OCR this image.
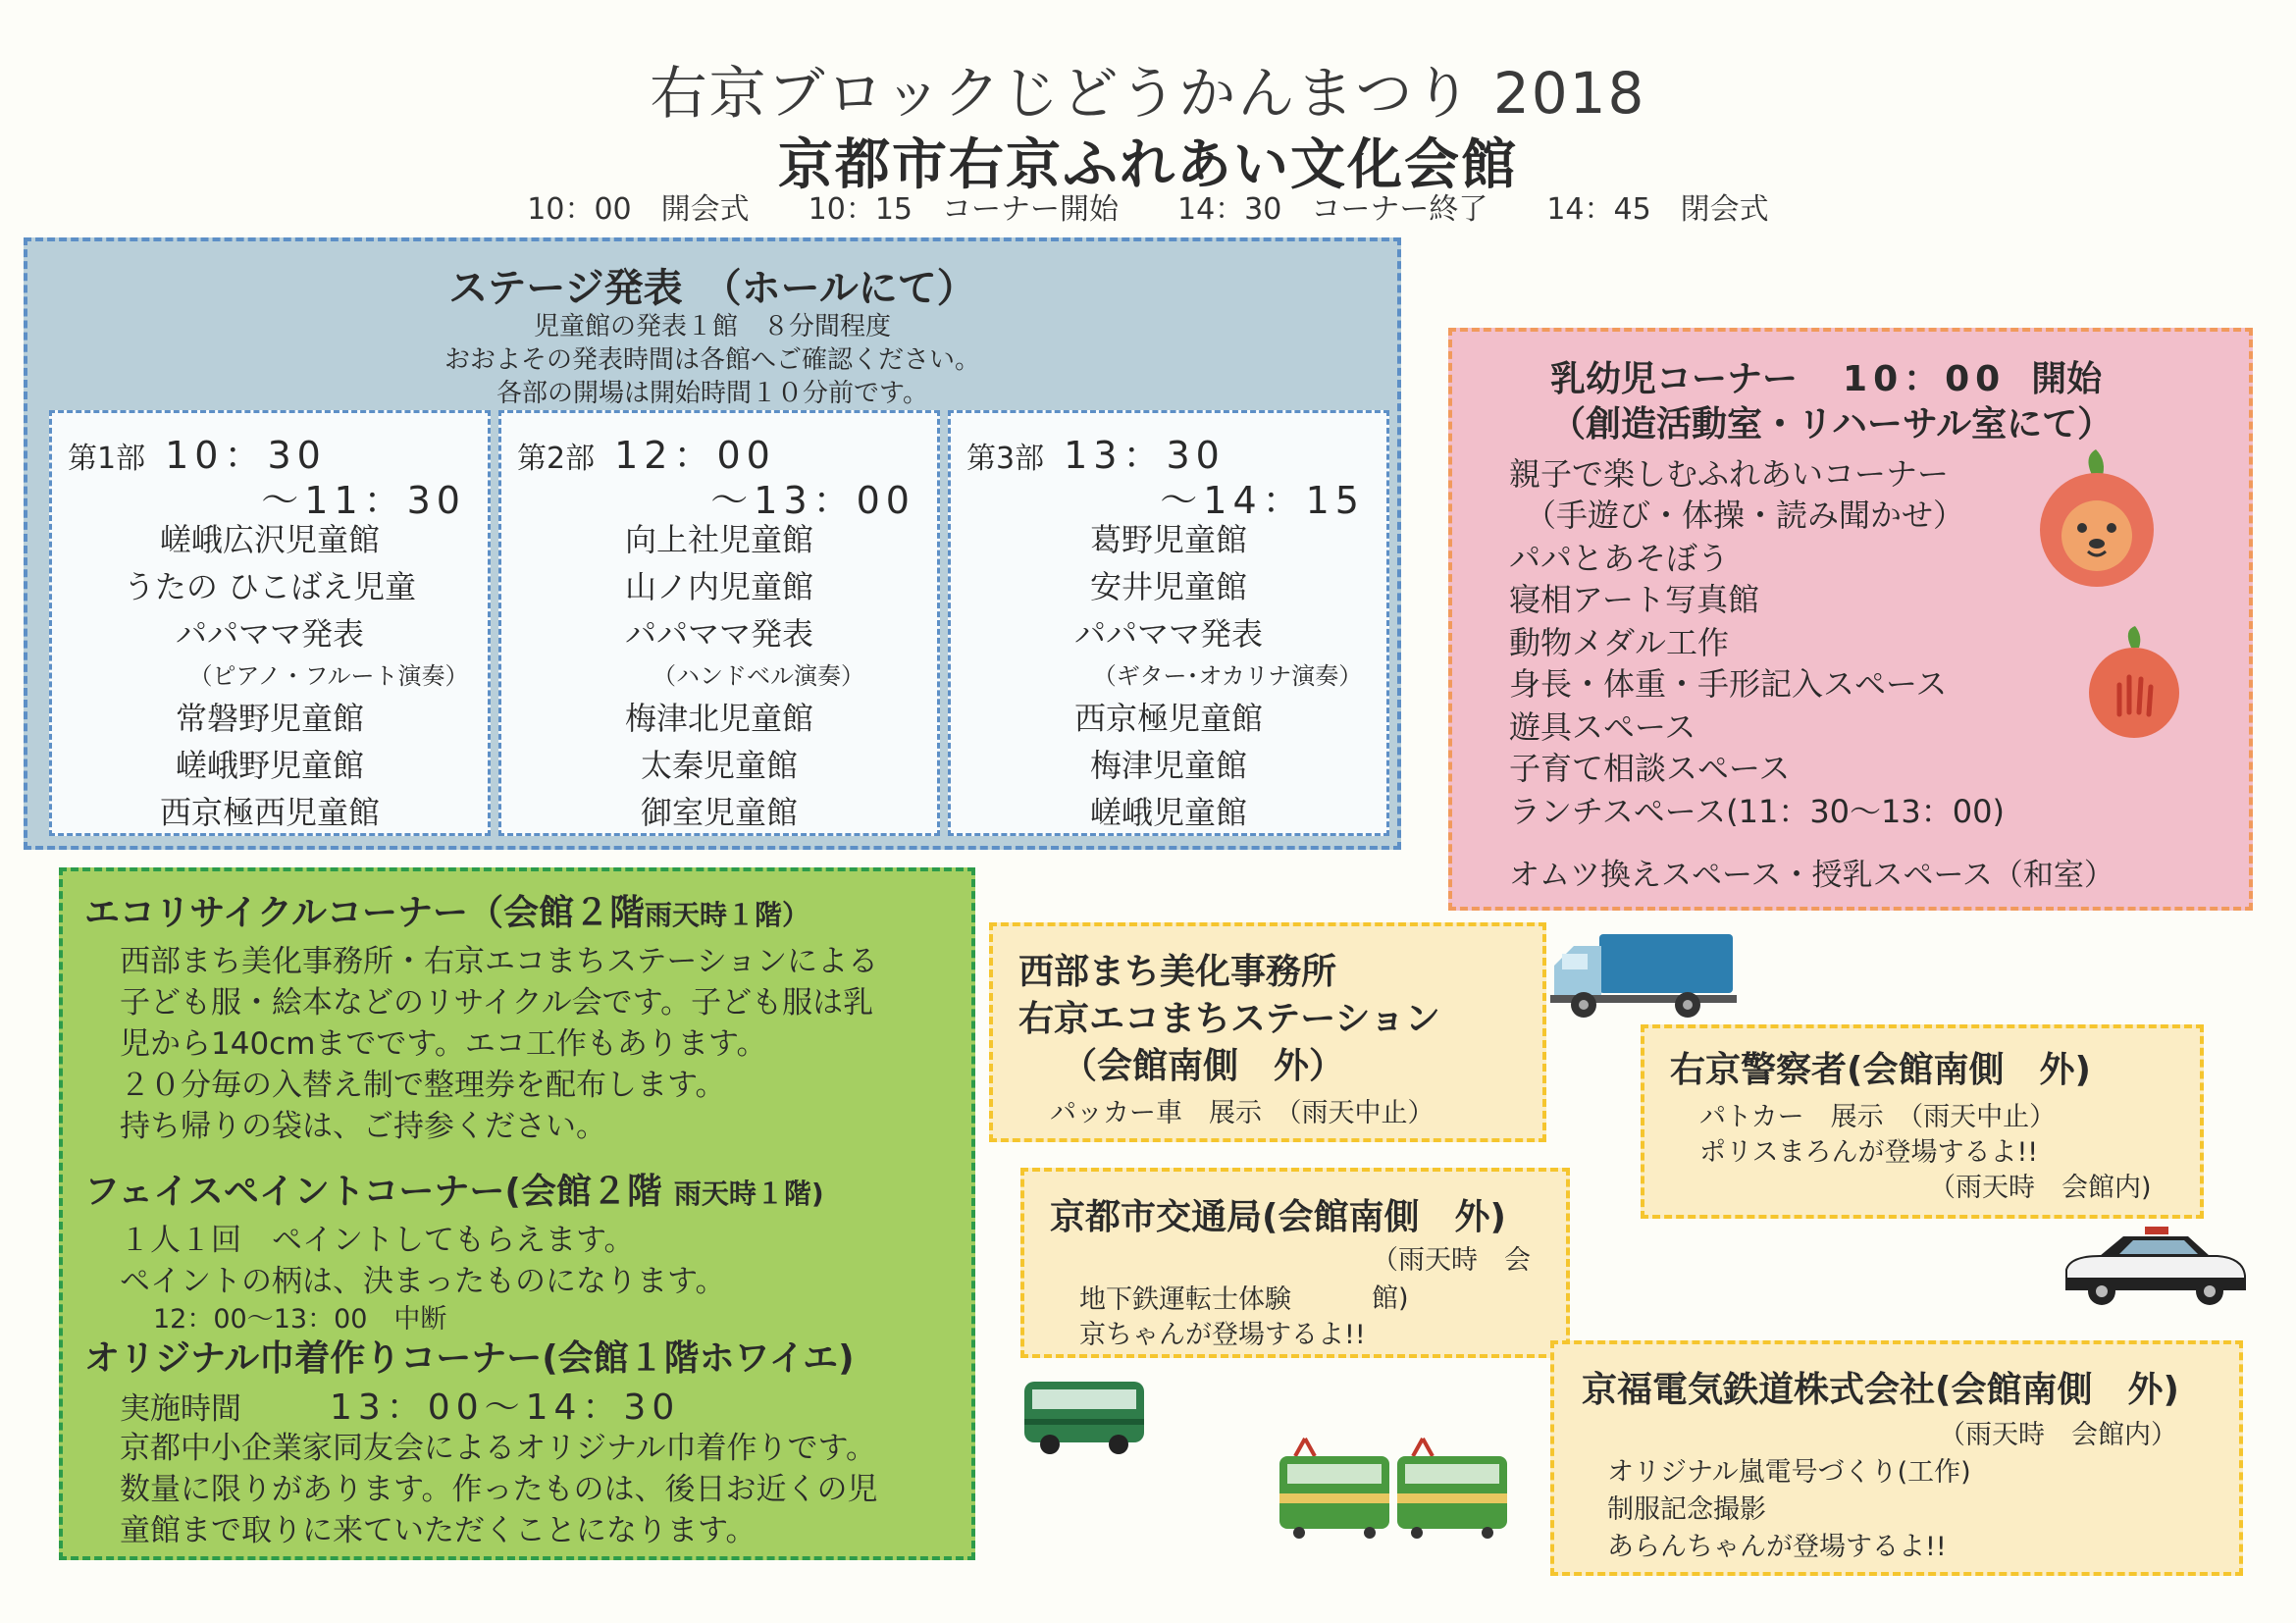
右京ブロックじどうかんまつり 2018
京都市右京ふれあい文化会館
10：00　開会式　　10：15　コーナー開始　　14：30　コーナー終了　　14：45　閉会式
ステージ発表　（ホールにて）
児童館の発表１館　８分間程度
おおよその発表時間は各館へご確認ください。
各部の開場は開始時間１０分前です。
第1部 10：30
～11：30
嵯峨広沢児童館
うたの ひこばえ児童
パパママ発表
（ピアノ・フルート演奏）
常磐野児童館
嵯峨野児童館
西京極西児童館
第2部 12：00
～13：00
向上社児童館
山ノ内児童館
パパママ発表
（ハンドベル演奏）
梅津北児童館
太秦児童館
御室児童館
第3部 13：30
～14：15
葛野児童館
安井児童館
パパママ発表
（ギター･オカリナ演奏）
西京極児童館
梅津児童館
嵯峨児童館
乳幼児コーナー 10：00 開始
（創造活動室・リハーサル室にて）
親子で楽しむふれあいコーナー
　（手遊び・体操・読み聞かせ）
パパとあそぼう
寝相アート写真館
動物メダル工作
身長・体重・手形記入スペース
遊具スペース
子育て相談スペース
ランチスペース(11：30～13：00)
オムツ換えスペース・授乳スペース（和室）
エコリサイクルコーナー（会館２階雨天時１階）
西部まち美化事務所・右京エコまちステーションによる
子ども服・絵本などのリサイクル会です。子ども服は乳
児から140cmまでです。エコ工作もあります。
２０分毎の入替え制で整理券を配布します。
持ち帰りの袋は、ご持参ください。
フェイスペイントコーナー(会館２階 雨天時１階)
１人１回　ペイントしてもらえます。
ペイントの柄は、決まったものになります。
12：00～13：00　中断
オリジナル巾着作りコーナー(会館１階ホワイエ)
実施時間	13：00～14：30
京都中小企業家同友会によるオリジナル巾着作りです。
数量に限りがあります。作ったものは、後日お近くの児
童館まで取りに来ていただくことになります。
西部まち美化事務所
右京エコまちステーション
（会館南側　外）
パッカー車　展示　（雨天中止）
右京警察者(会館南側　外)
パトカー　展示　（雨天中止）
ポリスまろんが登場するよ!!
（雨天時　会館内)
京都市交通局(会館南側　外)
（雨天時　会館)
地下鉄運転士体験
京ちゃんが登場するよ!!
京福電気鉄道株式会社(会館南側　外)
（雨天時　会館内）
オリジナル嵐電号づくり(工作)
制服記念撮影
あらんちゃんが登場するよ!!
